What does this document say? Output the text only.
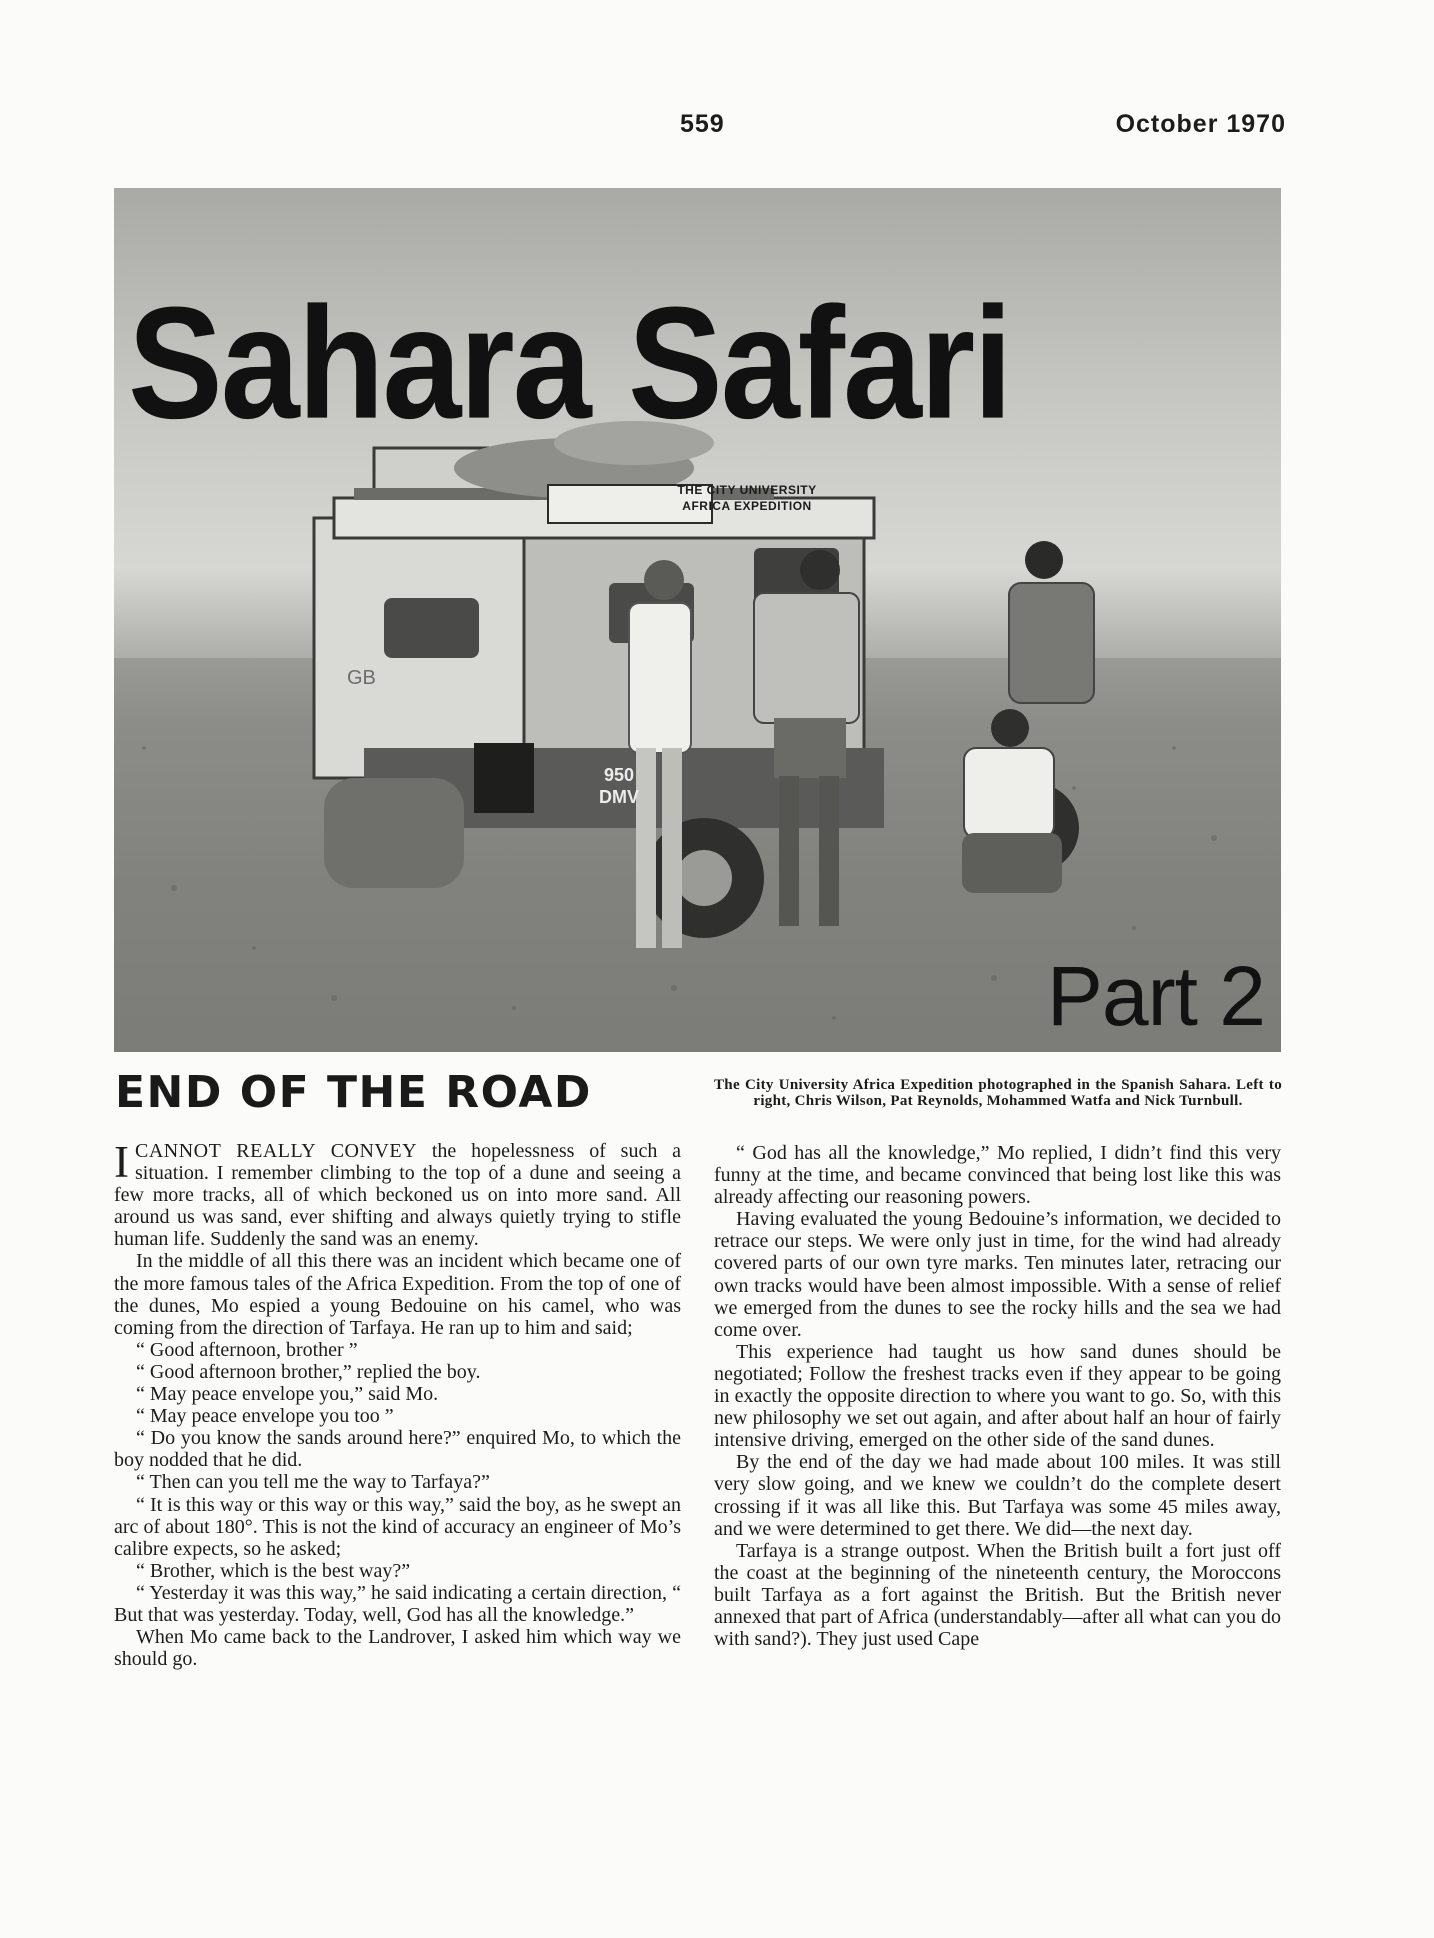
559	October 1970
GB
THE CITY UNIVERSITY
AFRICA EXPEDITION
950
DMV
Sahara Safari
Part 2
END OF THE ROAD	The City University Africa Expedition photographed in the Spanish Sahara. Left to right, Chris Wilson, Pat Reynolds, Mohammed Watfa and Nick Turnbull.

ICANNOT REALLY CONVEY the hopelessness of such a situation. I remember climbing to the top of a dune and seeing a few more tracks, all of which beckoned us on into more sand. All around us was sand, ever shifting and always quietly trying to stifle human life. Suddenly the sand was an enemy.

In the middle of all this there was an incident which became one of the more famous tales of the Africa Expedition. From the top of one of the dunes, Mo espied a young Bedouine on his camel, who was coming from the direction of Tarfaya. He ran up to him and said;

“ Good afternoon, brother ”

“ Good afternoon brother,” replied the boy.

“ May peace envelope you,” said Mo.

“ May peace envelope you too ”

“ Do you know the sands around here?” enquired Mo, to which the boy nodded that he did.

“ Then can you tell me the way to Tarfaya?”

“ It is this way or this way or this way,” said the boy, as he swept an arc of about 180°. This is not the kind of accuracy an engineer of Mo’s calibre expects, so he asked;

“ Brother, which is the best way?”

“ Yesterday it was this way,” he said indicating a certain direction, “ But that was yesterday. Today, well, God has all the knowledge.”

When Mo came back to the Landrover, I asked him which way we should go.

“ God has all the knowledge,” Mo replied, I didn’t find this very funny at the time, and became convinced that being lost like this was already affecting our reasoning powers.

Having evaluated the young Bedouine’s information, we decided to retrace our steps. We were only just in time, for the wind had already covered parts of our own tyre marks. Ten minutes later, retracing our own tracks would have been almost impossible. With a sense of relief we emerged from the dunes to see the rocky hills and the sea we had come over.

This experience had taught us how sand dunes should be negotiated; Follow the freshest tracks even if they appear to be going in exactly the opposite direction to where you want to go. So, with this new philosophy we set out again, and after about half an hour of fairly intensive driving, emerged on the other side of the sand dunes.

By the end of the day we had made about 100 miles. It was still very slow going, and we knew we couldn’t do the complete desert crossing if it was all like this. But Tarfaya was some 45 miles away, and we were determined to get there. We did—the next day.

Tarfaya is a strange outpost. When the British built a fort just off the coast at the beginning of the nineteenth century, the Moroccons built Tarfaya as a fort against the British. But the British never annexed that part of Africa (understandably—after all what can you do with sand?). They just used Cape
